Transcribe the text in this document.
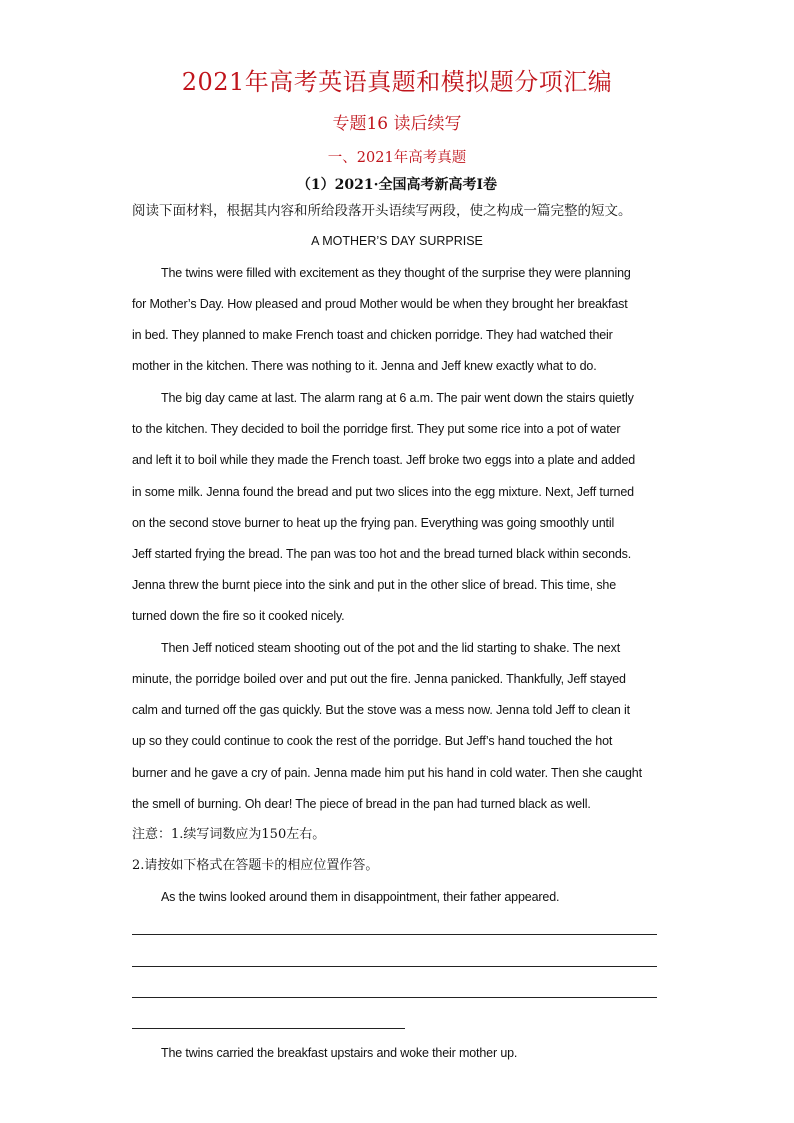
2021年高考英语真题和模拟题分项汇编
专题16 读后续写
一、2021年高考真题
（1）2021·全国高考新高考Ⅰ卷
阅读下面材料，根据其内容和所给段落开头语续写两段，使之构成一篇完整的短文。
A MOTHER’S DAY SURPRISE
The twins were filled with excitement as they thought of the surprise they were planning
for Mother’s Day. How pleased and proud Mother would be when they brought her breakfast
in bed. They planned to make French toast and chicken porridge. They had watched their
mother in the kitchen. There was nothing to it. Jenna and Jeff knew exactly what to do.
The big day came at last. The alarm rang at 6 a.m. The pair went down the stairs quietly
to the kitchen. They decided to boil the porridge first. They put some rice into a pot of water
and left it to boil while they made the French toast. Jeff broke two eggs into a plate and added
in some milk. Jenna found the bread and put two slices into the egg mixture. Next, Jeff turned
on the second stove burner to heat up the frying pan. Everything was going smoothly until
Jeff started frying the bread. The pan was too hot and the bread turned black within seconds.
Jenna threw the burnt piece into the sink and put in the other slice of bread. This time, she
turned down the fire so it cooked nicely.
Then Jeff noticed steam shooting out of the pot and the lid starting to shake. The next
minute, the porridge boiled over and put out the fire. Jenna panicked. Thankfully, Jeff stayed
calm and turned off the gas quickly. But the stove was a mess now. Jenna told Jeff to clean it
up so they could continue to cook the rest of the porridge. But Jeff’s hand touched the hot
burner and he gave a cry of pain. Jenna made him put his hand in cold water. Then she caught
the smell of burning. Oh dear! The piece of bread in the pan had turned black as well.
注意：1.续写词数应为150左右。
2.请按如下格式在答题卡的相应位置作答。
As the twins looked around them in disappointment, their father appeared.
The twins carried the breakfast upstairs and woke their mother up.
